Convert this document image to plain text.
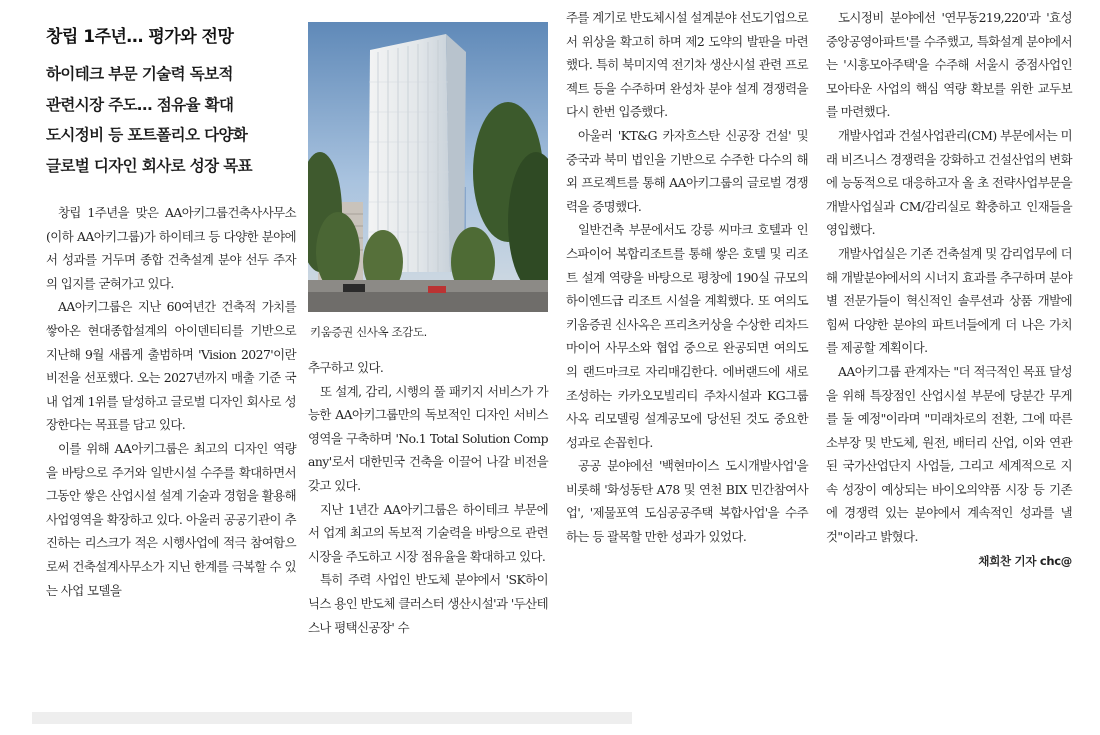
창립 1주년… 평가와 전망
하이테크 부문 기술력 독보적
관련시장 주도… 점유율 확대
도시정비 등 포트폴리오 다양화
글로벌 디자인 회사로 성장 목표

창립 1주년을 맞은 AA아키그룹건축사사무소(이하 AA아키그룹)가 하이테크 등 다양한 분야에서 성과를 거두며 종합 건축설계 분야 선두 주자의 입지를 굳혀가고 있다.

AA아키그룹은 지난 60여년간 건축적 가치를 쌓아온 현대종합설계의 아이덴티티를 기반으로 지난해 9월 새롭게 출범하며 'Vision 2027'이란 비전을 선포했다. 오는 2027년까지 매출 기준 국내 업계 1위를 달성하고 글로벌 디자인 회사로 성장한다는 목표를 담고 있다.

이를 위해 AA아키그룹은 최고의 디자인 역량을 바탕으로 주거와 일반시설 수주를 확대하면서 그동안 쌓은 산업시설 설계 기술과 경험을 활용해 사업영역을 확장하고 있다. 아울러 공공기관이 추진하는 리스크가 적은 시행사업에 적극 참여함으로써 건축설계사무소가 지닌 한계를 극복할 수 있는 사업 모델을

키움증권 신사옥 조감도.

추구하고 있다.

또 설계, 감리, 시행의 풀 패키지 서비스가 가능한 AA아키그룹만의 독보적인 디자인 서비스 영역을 구축하며 'No.1 Total Solution Company'로서 대한민국 건축을 이끌어 나갈 비전을 갖고 있다.

지난 1년간 AA아키그룹은 하이테크 부문에서 업계 최고의 독보적 기술력을 바탕으로 관련 시장을 주도하고 시장 점유율을 확대하고 있다.

특히 주력 사업인 반도체 분야에서 'SK하이닉스 용인 반도체 클러스터 생산시설'과 '두산테스나 평택신공장' 수

주를 계기로 반도체시설 설계분야 선도기업으로서 위상을 확고히 하며 제2 도약의 발판을 마련했다. 특히 북미지역 전기차 생산시설 관련 프로젝트 등을 수주하며 완성차 분야 설계 경쟁력을 다시 한번 입증했다.

아울러 'KT&G 카자흐스탄 신공장 건설' 및 중국과 북미 법인을 기반으로 수주한 다수의 해외 프로젝트를 통해 AA아키그룹의 글로벌 경쟁력을 증명했다.

일반건축 부문에서도 강릉 씨마크 호텔과 인스파이어 복합리조트를 통해 쌓은 호텔 및 리조트 설계 역량을 바탕으로 평창에 190실 규모의 하이엔드급 리조트 시설을 계획했다. 또 여의도 키움증권 신사옥은 프리츠커상을 수상한 리차드 마이어 사무소와 협업 중으로 완공되면 여의도의 랜드마크로 자리매김한다. 에버랜드에 새로 조성하는 카카오모빌리티 주차시설과 KG그룹 사옥 리모델링 설계공모에 당선된 것도 중요한 성과로 손꼽힌다.

공공 분야에선 '백현마이스 도시개발사업'을 비롯해 '화성동탄 A78 및 연천 BIX 민간참여사업', '제물포역 도심공공주택 복합사업'을 수주하는 등 괄목할 만한 성과가 있었다.

도시정비 분야에선 '연무동219,220'과 '효성중앙공영아파트'를 수주했고, 특화설계 분야에서는 '시흥모아주택'을 수주해 서울시 중점사업인 모아타운 사업의 핵심 역량 확보를 위한 교두보를 마련했다.

개발사업과 건설사업관리(CM) 부문에서는 미래 비즈니스 경쟁력을 강화하고 건설산업의 변화에 능동적으로 대응하고자 올 초 전략사업부문을 개발사업실과 CM/감리실로 확충하고 인재들을 영입했다.

개발사업실은 기존 건축설계 및 감리업무에 더해 개발분야에서의 시너지 효과를 추구하며 분야별 전문가들이 혁신적인 솔루션과 상품 개발에 힘써 다양한 분야의 파트너들에게 더 나은 가치를 제공할 계획이다.

AA아키그룹 관계자는 "더 적극적인 목표 달성을 위해 특장점인 산업시설 부문에 당분간 무게를 둘 예정"이라며 "미래차로의 전환, 그에 따른 소부장 및 반도체, 원전, 배터리 산업, 이와 연관된 국가산업단지 사업들, 그리고 세계적으로 지속 성장이 예상되는 바이오의약품 시장 등 기존에 경쟁력 있는 분야에서 계속적인 성과를 낼 것"이라고 밝혔다.

채희찬 기자 chc@
